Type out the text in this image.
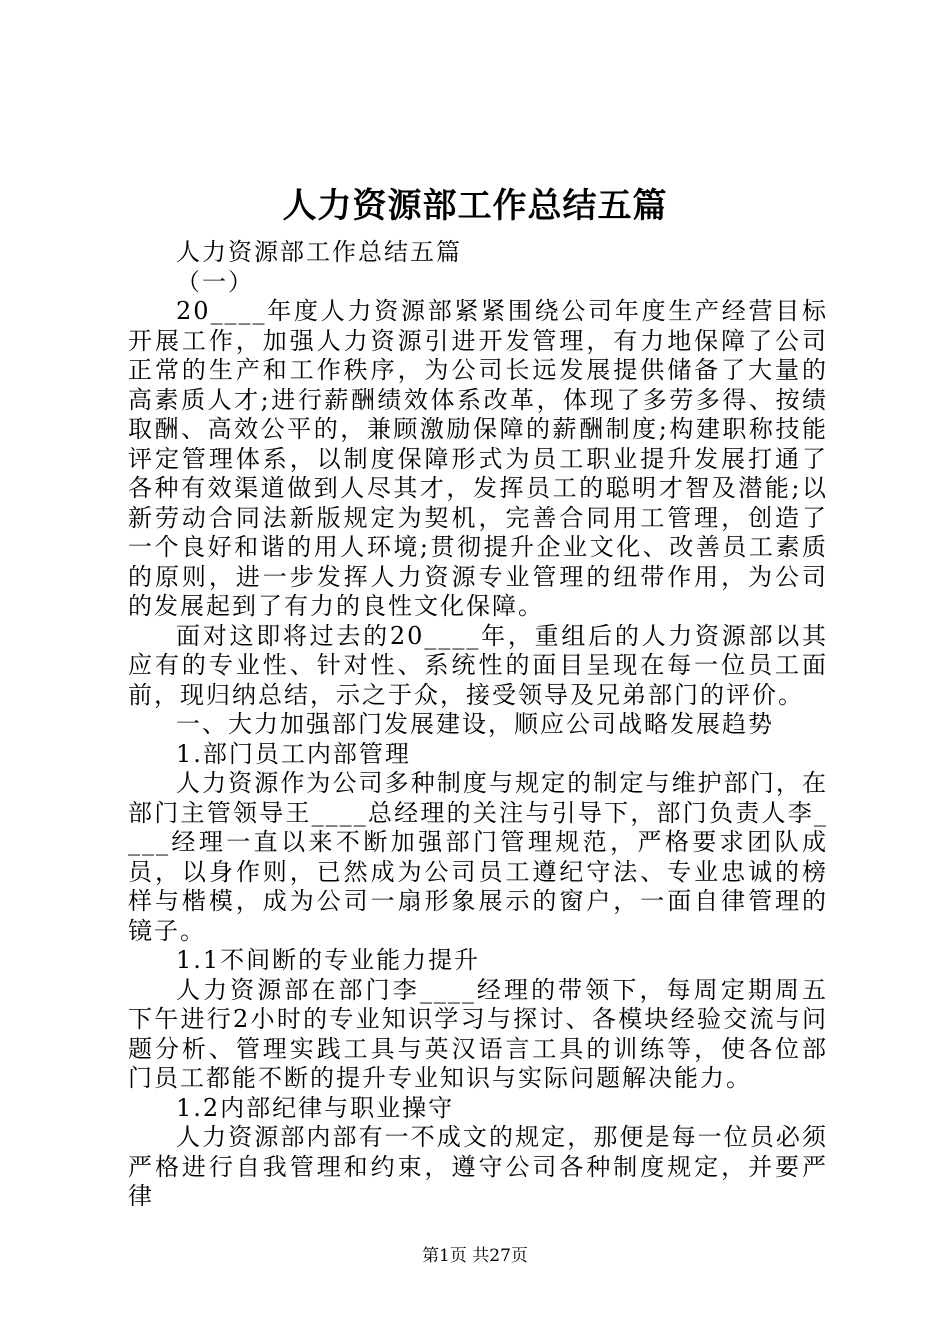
人力资源部工作总结五篇

人力资源部工作总结五篇

（一）

20____年度人力资源部紧紧围绕公司年度生产经营目标开展工作，加强人力资源引进开发管理，有力地保障了公司正常的生产和工作秩序，为公司长远发展提供储备了大量的高素质人才;进行薪酬绩效体系改革，体现了多劳多得、按绩取酬、高效公平的，兼顾激励保障的薪酬制度;构建职称技能评定管理体系，以制度保障形式为员工职业提升发展打通了各种有效渠道做到人尽其才，发挥员工的聪明才智及潜能;以新劳动合同法新版规定为契机，完善合同用工管理，创造了一个良好和谐的用人环境;贯彻提升企业文化、改善员工素质的原则，进一步发挥人力资源专业管理的纽带作用，为公司的发展起到了有力的良性文化保障。

面对这即将过去的20____年，重组后的人力资源部以其应有的专业性、针对性、系统性的面目呈现在每一位员工面前，现归纳总结，示之于众，接受领导及兄弟部门的评价。

一、大力加强部门发展建设，顺应公司战略发展趋势

1.部门员工内部管理

人力资源作为公司多种制度与规定的制定与维护部门，在部门主管领导王____总经理的关注与引导下，部门负责人李____经理一直以来不断加强部门管理规范，严格要求团队成员，以身作则，已然成为公司员工遵纪守法、专业忠诚的榜样与楷模，成为公司一扇形象展示的窗户，一面自律管理的镜子。

1.1不间断的专业能力提升

人力资源部在部门李____经理的带领下，每周定期周五下午进行2小时的专业知识学习与探讨、各模块经验交流与问题分析、管理实践工具与英汉语言工具的训练等，使各位部门员工都能不断的提升专业知识与实际问题解决能力。

1.2内部纪律与职业操守

人力资源部内部有一不成文的规定，那便是每一位员必须严格进行自我管理和约束，遵守公司各种制度规定，并要严律

第1页 共27页
